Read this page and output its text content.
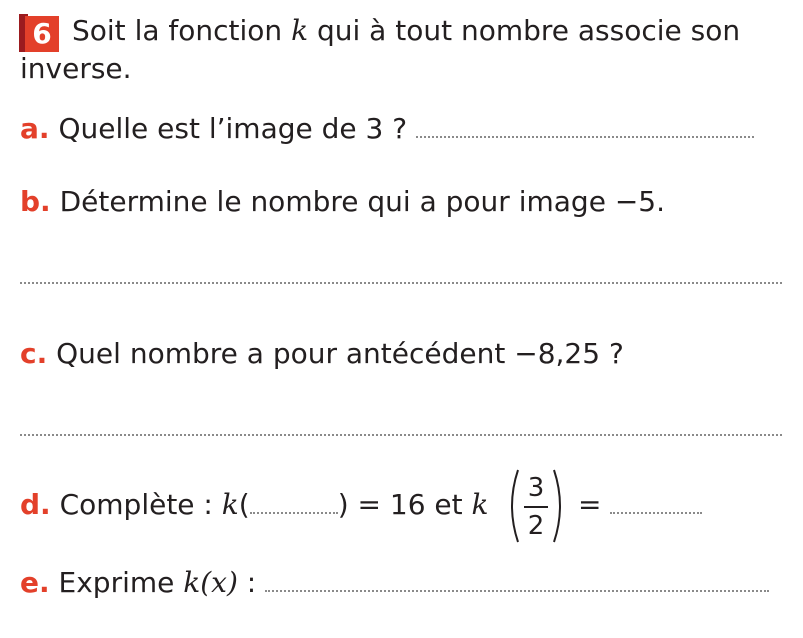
6 Soit la fonction k qui à tout nombre associe son
inverse.
a. Quelle est l’image de 3 ?
b. Détermine le nombre qui a pour image −5.
c. Quel nombre a pour antécédent −8,25 ?
d. Complète : k(	) = 16 et k 3
2
=
e. Exprime k(x) :
